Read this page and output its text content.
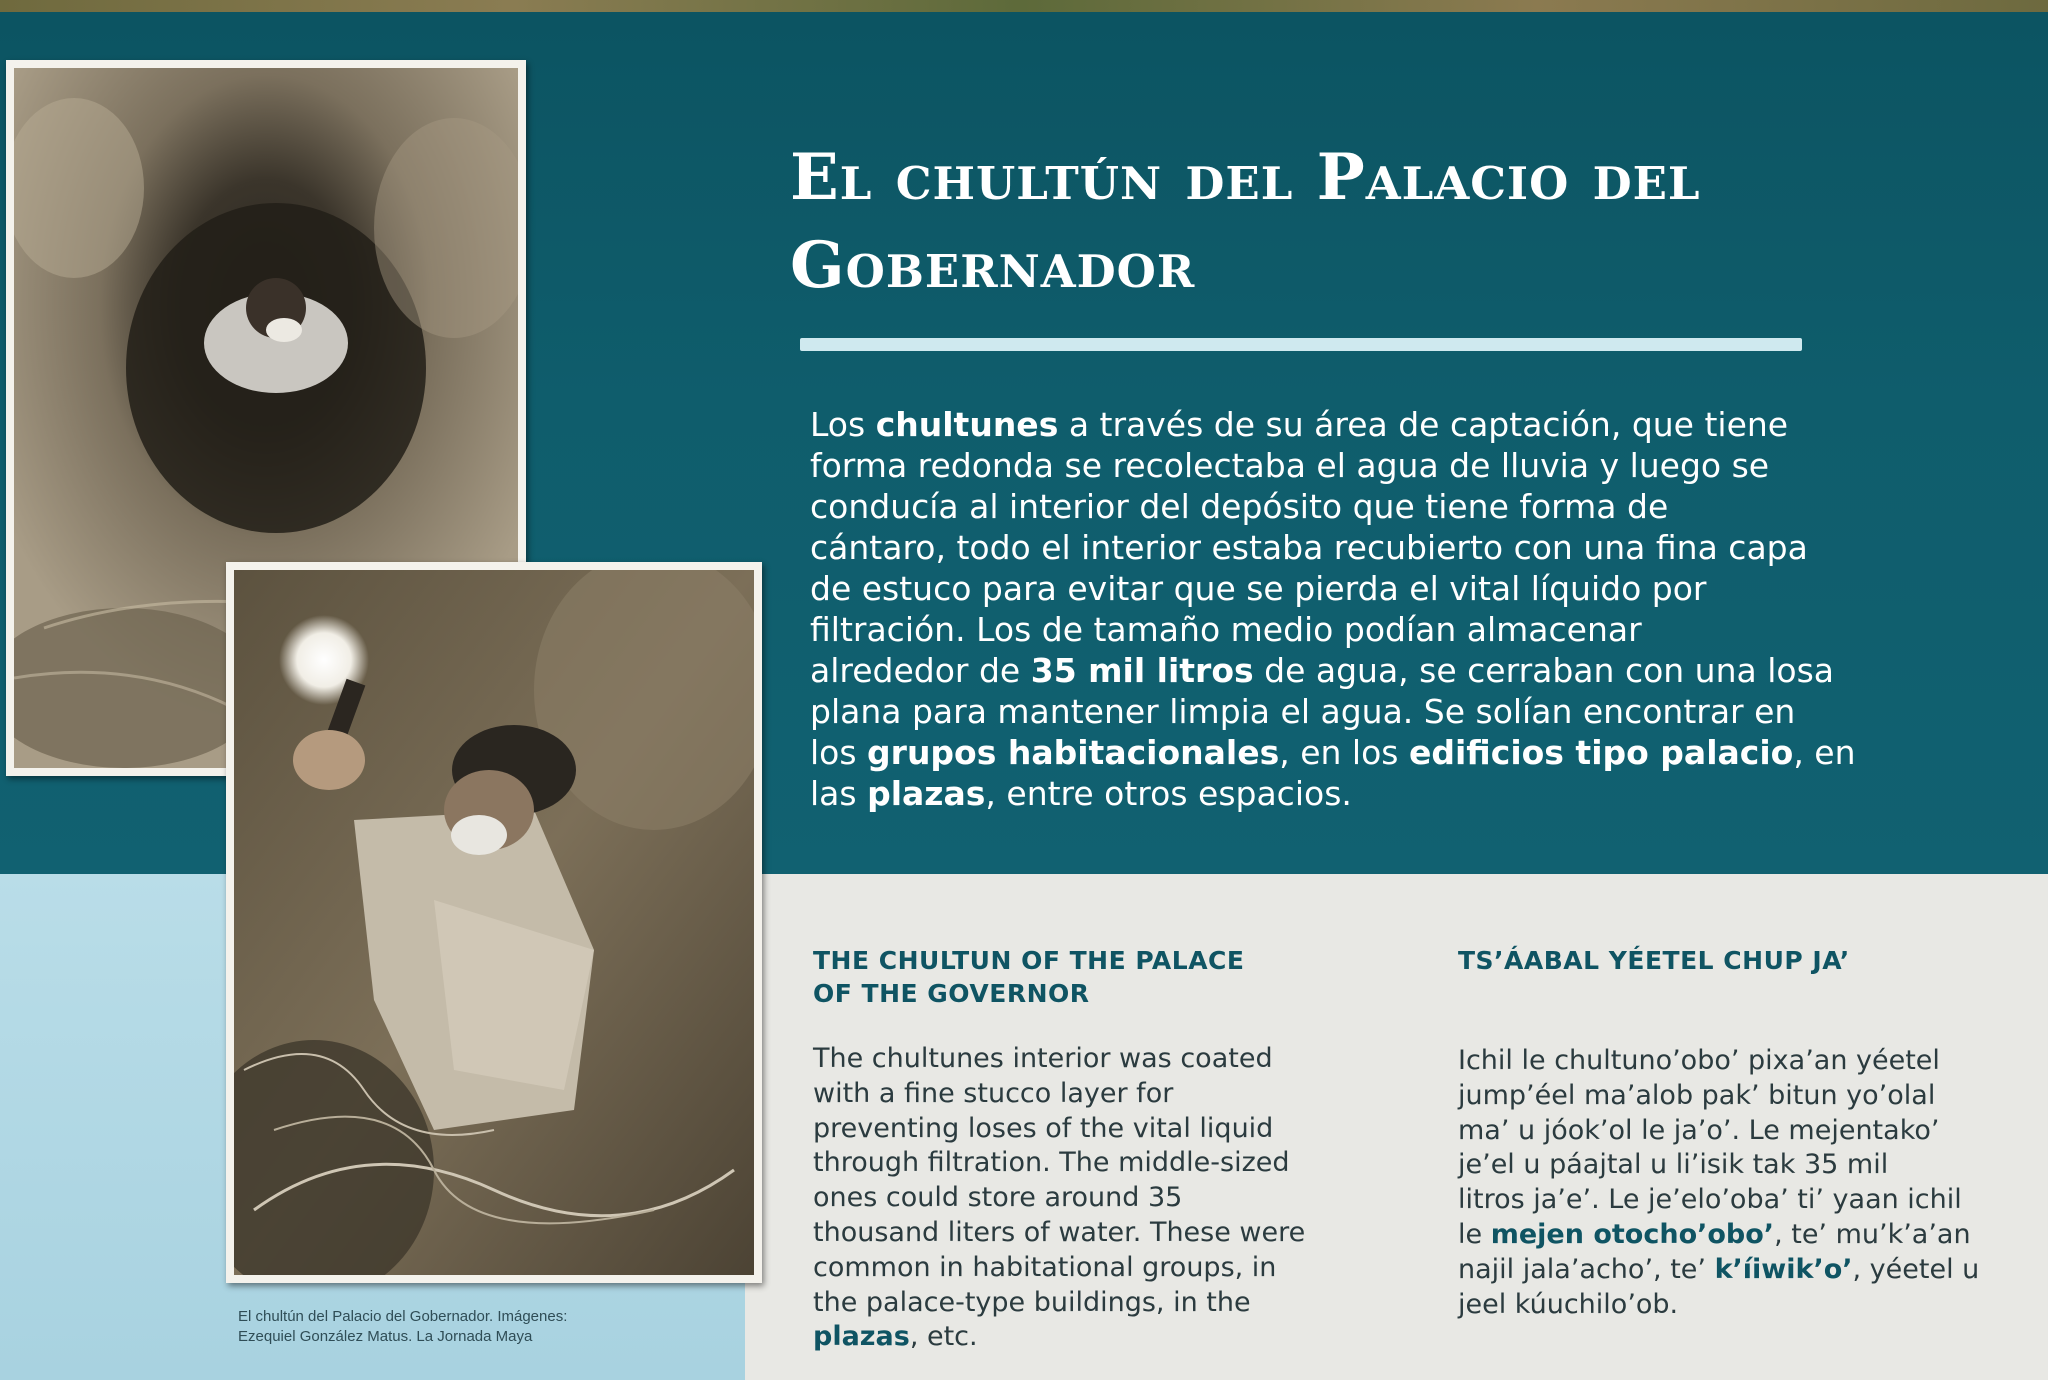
El chultún del Palacio del
Gobernador

Los chultunes a través de su área de captación, que tiene
forma redonda se recolectaba el agua de lluvia y luego se
conducía al interior del depósito que tiene forma de
cántaro, todo el interior estaba recubierto con una fina capa
de estuco para evitar que se pierda el vital líquido por
filtración. Los de tamaño medio podían almacenar
alrededor de 35 mil litros de agua, se cerraban con una losa
plana para mantener limpia el agua. Se solían encontrar en
los grupos habitacionales, en los edificios tipo palacio, en
las plazas, entre otros espacios.

El chultún del Palacio del Gobernador. Imágenes:
Ezequiel González Matus. La Jornada Maya

THE CHULTUN OF THE PALACE
OF THE GOVERNOR

The chultunes interior was coated
with a fine stucco layer for
preventing loses of the vital liquid
through filtration. The middle-sized
ones could store around 35
thousand liters of water. These were
common in habitational groups, in
the palace-type buildings, in the
plazas, etc.

TS’ÁABAL YÉETEL CHUP JA’

Ichil le chultuno’obo’ pixa’an yéetel
jump’éel ma’alob pak’ bitun yo’olal
ma’ u jóok’ol le ja’o’. Le mejentako’
je’el u páajtal u li’isik tak 35 mil
litros ja’e’. Le je’elo’oba’ ti’ yaan ichil
le mejen otocho’obo’, te’ mu’k’a’an
najil jala’acho’, te’ k’íiwik’o’, yéetel u
jeel kúuchilo’ob.
